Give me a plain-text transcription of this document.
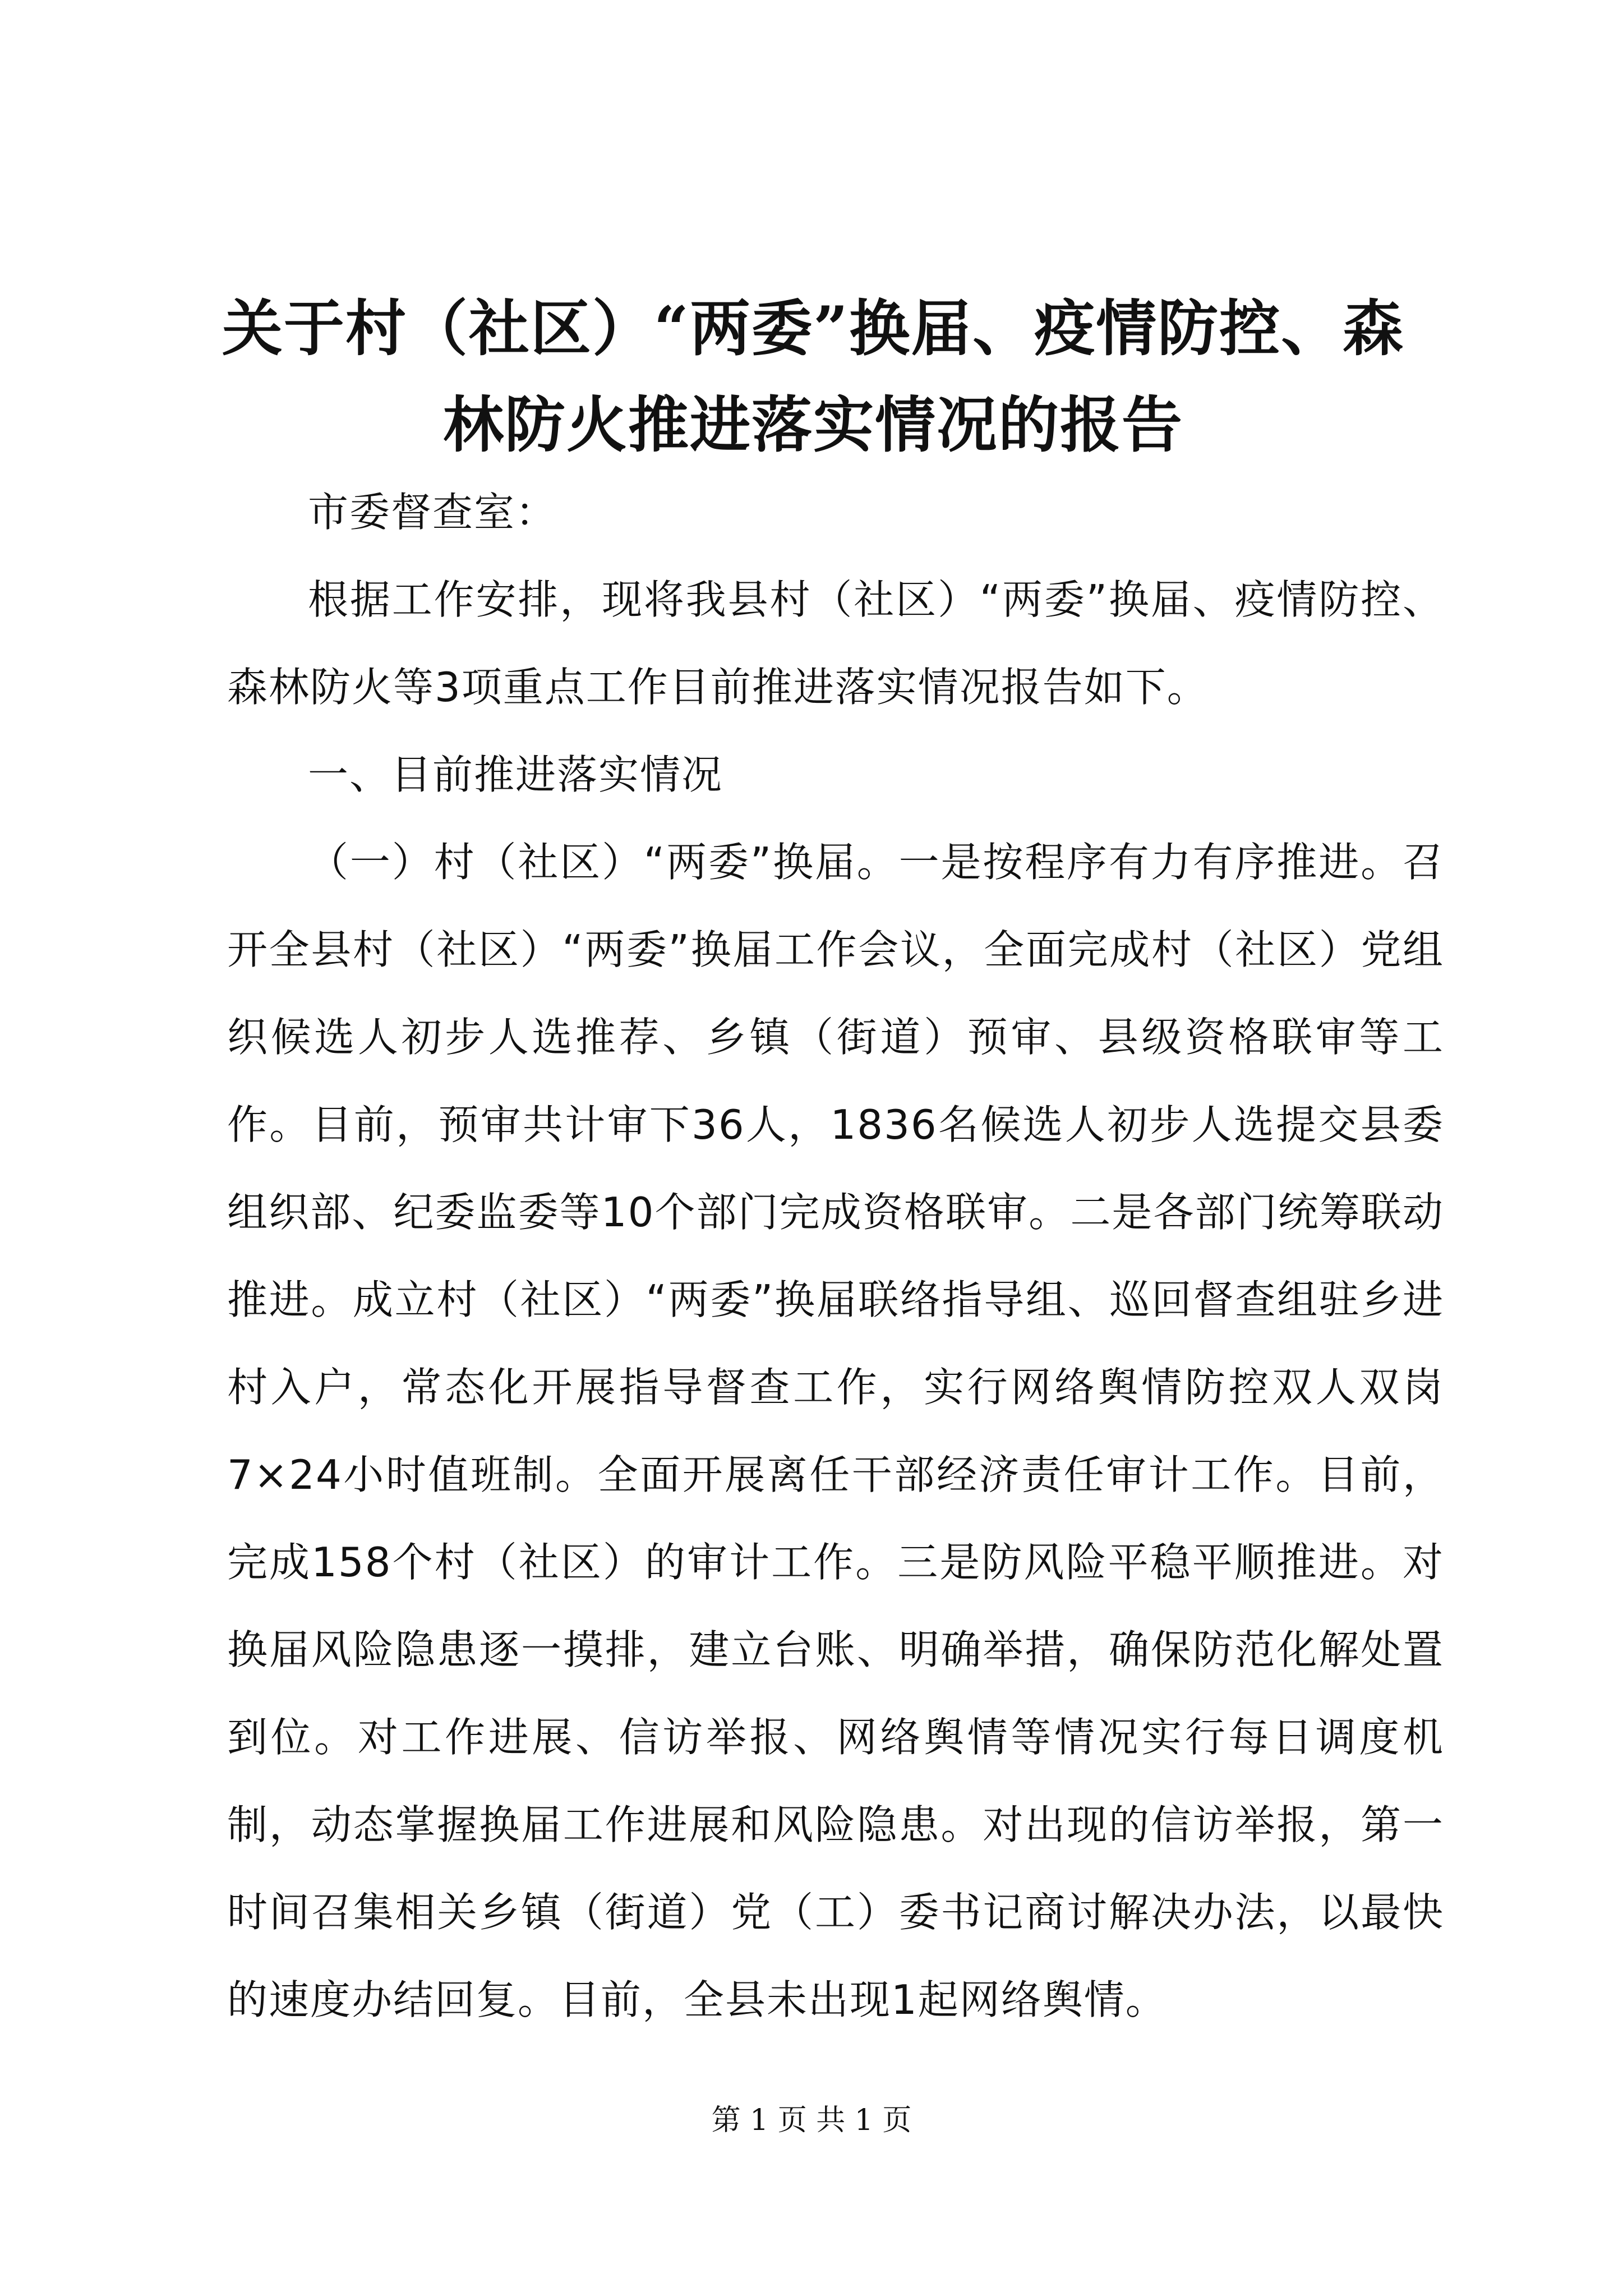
关于村（社区）“两委”换届、疫情防控、森
林防火推进落实情况的报告

市委督查室：

根据工作安排，现将我县村（社区）“两委”换届、疫情防控、森林防火等3项重点工作目前推进落实情况报告如下。

一、目前推进落实情况

（一）村（社区）“两委”换届。一是按程序有力有序推进。召开全县村（社区）“两委”换届工作会议，全面完成村（社区）党组织候选人初步人选推荐、乡镇（街道）预审、县级资格联审等工作。目前，预审共计审下36人，1836名候选人初步人选提交县委组织部、纪委监委等10个部门完成资格联审。二是各部门统筹联动推进。成立村（社区）“两委”换届联络指导组、巡回督查组驻乡进村入户，常态化开展指导督查工作，实行网络舆情防控双人双岗7×24小时值班制。全面开展离任干部经济责任审计工作。目前，完成158个村（社区）的审计工作。三是防风险平稳平顺推进。对换届风险隐患逐一摸排，建立台账、明确举措，确保防范化解处置到位。对工作进展、信访举报、网络舆情等情况实行每日调度机制，动态掌握换届工作进展和风险隐患。对出现的信访举报，第一时间召集相关乡镇（街道）党（工）委书记商讨解决办法，以最快的速度办结回复。目前，全县未出现1起网络舆情。

第 1 页 共 1 页
